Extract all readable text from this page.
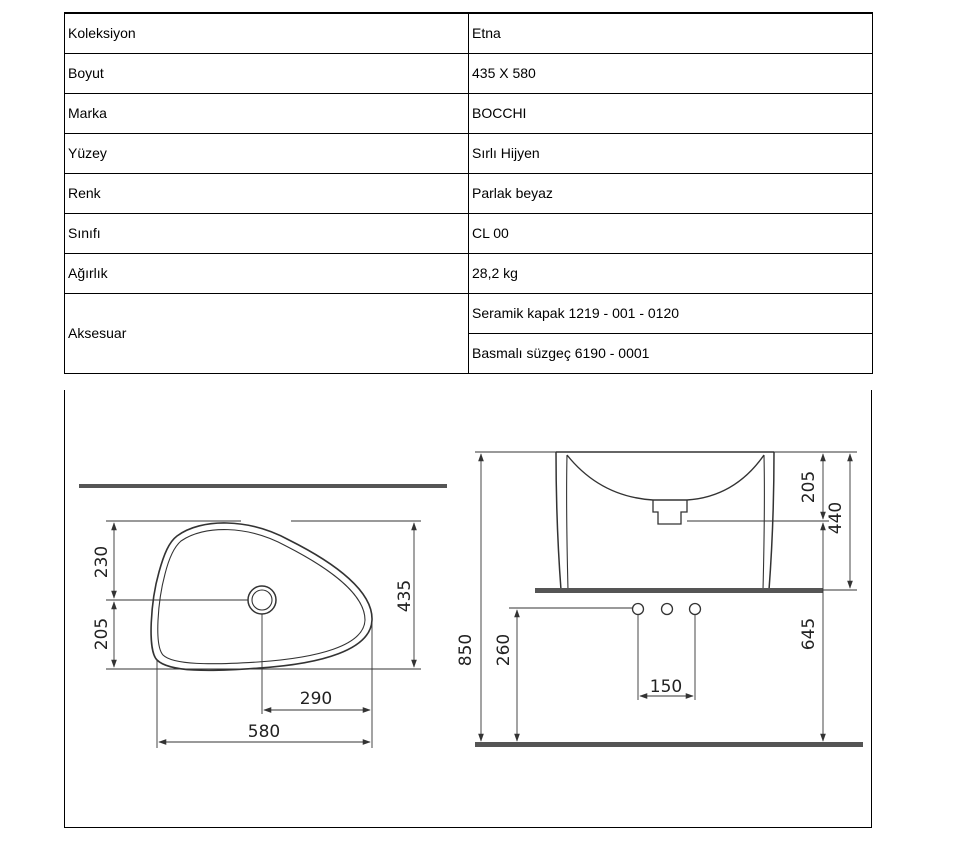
Koleksiyon	Etna
Boyut	435 X 580
Marka	BOCCHI
Yüzey	Sırlı Hijyen
Renk	Parlak beyaz
Sınıfı	CL 00
Ağırlık	28,2 kg
Aksesuar	Seramik kapak 1219 - 001 - 0120
	Basmalı süzgeç 6190 - 0001
230
205
435
290
580
205
440
850 260	645
150
